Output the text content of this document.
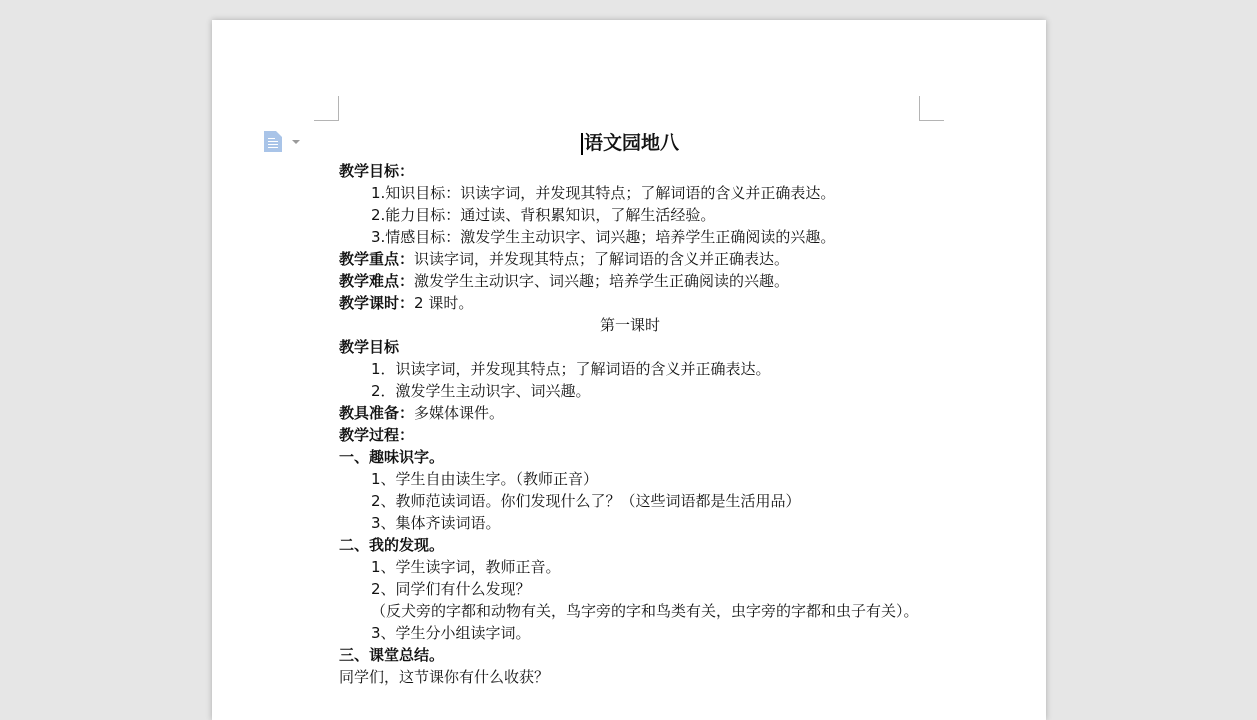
语文园地八
教学目标：
1.知识目标：识读字词，并发现其特点；了解词语的含义并正确表达。
2.能力目标：通过读、背积累知识，了解生活经验。
3.情感目标：激发学生主动识字、词兴趣；培养学生正确阅读的兴趣。
教学重点：识读字词，并发现其特点；了解词语的含义并正确表达。
教学难点：激发学生主动识字、词兴趣；培养学生正确阅读的兴趣。
教学课时：2 课时。
第一课时
教学目标
1．识读字词，并发现其特点；了解词语的含义并正确表达。
2．激发学生主动识字、词兴趣。
教具准备：多媒体课件。
教学过程：
一、趣味识字。
1、学生自由读生字。（教师正音）
2、教师范读词语。你们发现什么了？（这些词语都是生活用品）
3、集体齐读词语。
二、我的发现。
1、学生读字词，教师正音。
2、同学们有什么发现？
（反犬旁的字都和动物有关，鸟字旁的字和鸟类有关，虫字旁的字都和虫子有关）。
3、学生分小组读字词。
三、课堂总结。
同学们，这节课你有什么收获？
